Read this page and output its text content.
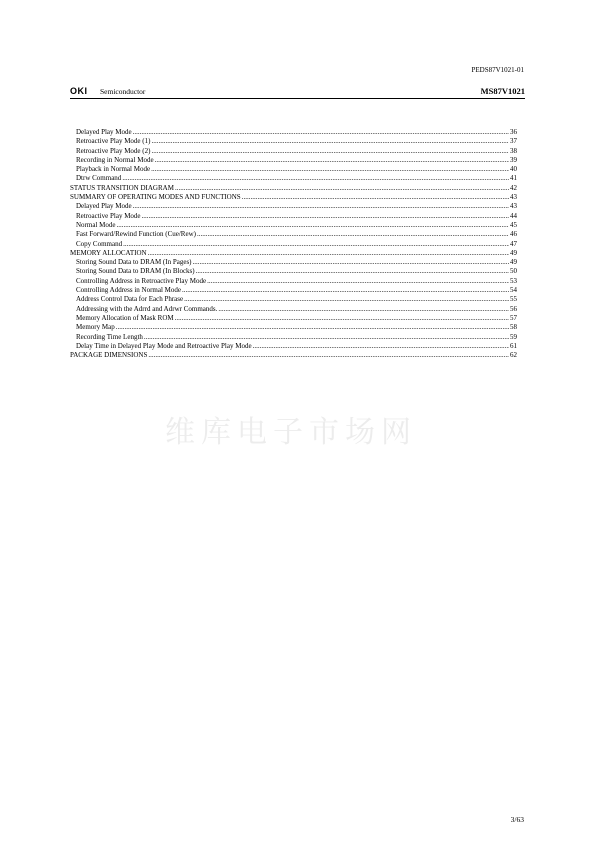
PEDS87V1021-01
OKI Semiconductor	MS87V1021
Delayed Play Mode .....	36
Retroactive Play Mode (1) .....	37
Retroactive Play Mode (2) .....	38
Recording in Normal Mode .....	39
Playback in Normal Mode .....	40
Dtrw Command .....	41
STATUS TRANSITION DIAGRAM .....	42
SUMMARY OF OPERATING MODES AND FUNCTIONS .....	43
Delayed Play Mode .....	43
Retroactive Play Mode .....	44
Normal Mode .....	45
Fast Forward/Rewind Function (Cue/Rew) .....	46
Copy Command .....	47
MEMORY ALLOCATION .....	49
Storing Sound Data to DRAM (In Pages) .....	49
Storing Sound Data to DRAM (In Blocks) .....	50
Controlling Address in Retroactive Play Mode .....	53
Controlling Address in Normal Mode .....	54
Address Control Data for Each Phrase .....	55
Addressing with the Adrrd and Adrwr Commands. .....	56
Memory Allocation of Mask ROM .....	57
Memory Map .....	58
Recording Time Length .....	59
Delay Time in Delayed Play Mode and Retroactive Play Mode .....	61
PACKAGE DIMENSIONS .....	62
维库电子市场网
3/63
